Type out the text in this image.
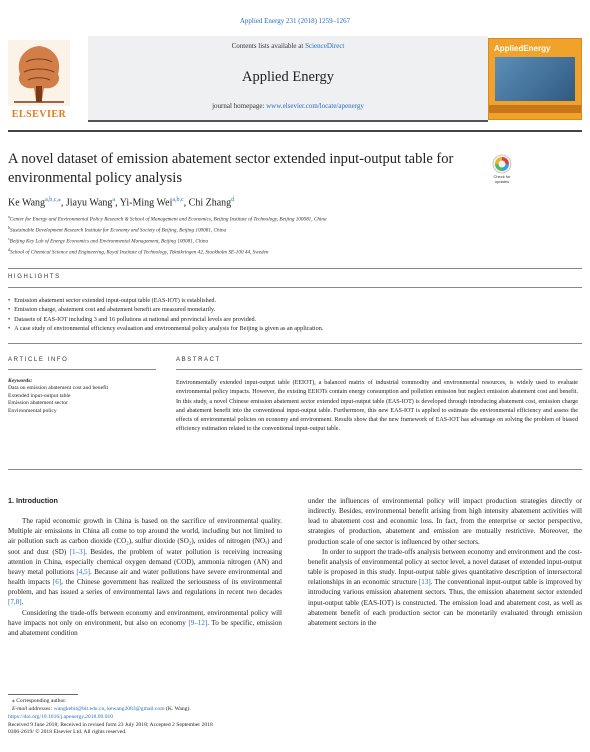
Applied Energy 231 (2018) 1259–1267
ELSEVIER
Contents lists available at ScienceDirect
Applied Energy
journal homepage: www.elsevier.com/locate/apenergy
AppliedEnergy
A novel dataset of emission abatement sector extended input-output table for environmental policy analysis	Check for updates
Ke Wang$^{a,b,c,⁎}$, Jiayu Wang$^a$, Yi-Ming Wei$^{a,b,c}$, Chi Zhang$^d$
$^a$Center for Energy and Environmental Policy Research & School of Management and Economics, Beijing Institute of Technology, Beijing 100081, China
$^b$Sustainable Development Research Institute for Economy and Society of Beijing, Beijing 100081, China
$^c$Beijing Key Lab of Energy Economics and Environmental Management, Beijing 100081, China
$^d$School of Chemical Science and Engineering, Royal Institute of Technology, Teknikringen 42, Stockholm SE-100 44, Sweden
HIGHLIGHTS
• Emission abatement sector extended input-output table (EAS-IOT) is established.
• Emission charge, abatement cost and abatement benefit are measured monetarily.
• Datasets of EAS-IOT including 3 and 16 pollutions at national and provincial levels are provided.
• A case study of environmental efficiency evaluation and environmental policy analysis for Beijing is given as an application.
ARTICLE INFO	ABSTRACT
Keywords:
Data on emission abatement cost and benefit
Extended input-output table
Emission abatement sector
Environmental policy
Environmentally extended input-output table (EEIOT), a balanced matrix of industrial commodity and environmental resources, is widely used to evaluate environmental policy impacts. However, the existing EEIOTs contain energy consumption and pollution emission but neglect emission abatement cost and benefit. In this study, a novel Chinese emission abatement sector extended input-output table (EAS-IOT) is developed through introducing abatement cost, emission charge and abatement benefit into the conventional input-output table. Furthermore, this new EAS-IOT is applied to estimate the environmental efficiency and assess the effects of environmental policies on economy and environment. Results show that the new framework of EAS-IOT has advantage on solving the problem of biased efficiency estimation related to the conventional input-output table.
1. Introduction

The rapid economic growth in China is based on the sacrifice of environmental quality. Multiple air emissions in China all come to top around the world, including but not limited to air pollution such as carbon dioxide (CO₂), sulfur dioxide (SO₂), oxides of nitrogen (NOₓ) and soot and dust (SD) [1–3]. Besides, the problem of water pollution is receiving increasing attention in China, especially chemical oxygen demand (COD), ammonia nitrogen (AN) and heavy metal pollutions [4,5]. Because air and water pollutions have severe environmental and health impacts [6], the Chinese government has realized the seriousness of its environmental problem, and has issued a series of environmental laws and regulations in recent two decades [7,8].

Considering the trade-offs between economy and environment, environmental policy will have impacts not only on environment, but also on economy [9–12]. To be specific, emission and abatement condition

under the influences of environmental policy will impact production strategies directly or indirectly. Besides, environmental benefit arising from high intensity abatement activities will lead to abatement cost and economic loss. In fact, from the enterprise or sector perspective, strategies of production, abatement and emission are mutually restrictive. Moreover, the production scale of one sector is influenced by other sectors.

In order to support the trade-offs analysis between economy and environment and the cost-benefit analysis of environmental policy at sector level, a novel dataset of extended input-output table is proposed in this study. Input-output table gives quantitative description of intersectoral relationships in an economic structure [13]. The conventional input-output table is improved by introducing various emission abatement sectors. Thus, the emission abatement sector extended input-output table (EAS-IOT) is constructed. The emission load and abatement cost, as well as abatement benefit of each production sector can be monetarily evaluated through emission abatement sectors in the

⁎ Corresponding author.
E-mail addresses: wangkebit@bit.edu.cn, kewang2083@gmail.com (K. Wang).
https://doi.org/10.1016/j.apenergy.2018.09.010
Received 9 June 2018; Received in revised form 23 July 2018; Accepted 2 September 2018
0306-2619/ © 2018 Elsevier Ltd. All rights reserved.
